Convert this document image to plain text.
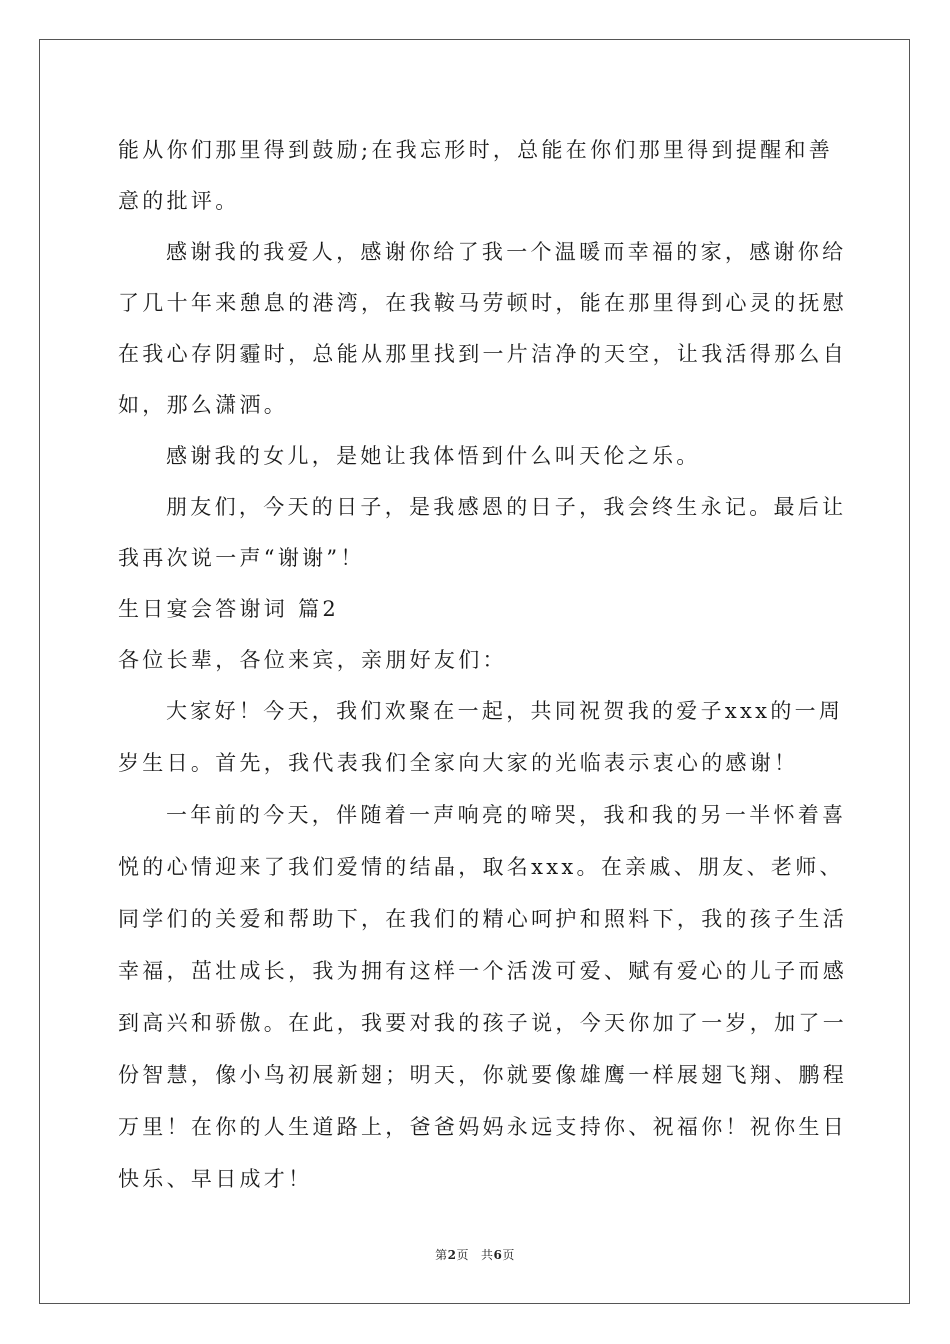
能从你们那里得到鼓励;在我忘形时，总能在你们那里得到提醒和善
意的批评。
感谢我的我爱人，感谢你给了我一个温暖而幸福的家，感谢你给
了几十年来憩息的港湾，在我鞍马劳顿时，能在那里得到心灵的抚慰
在我心存阴霾时，总能从那里找到一片洁净的天空，让我活得那么自
如，那么潇洒。
感谢我的女儿，是她让我体悟到什么叫天伦之乐。
朋友们，今天的日子，是我感恩的日子，我会终生永记。最后让
我再次说一声“谢谢”！
生日宴会答谢词 篇2
各位长辈，各位来宾，亲朋好友们：
大家好！今天，我们欢聚在一起，共同祝贺我的爱子xxx的一周
岁生日。首先，我代表我们全家向大家的光临表示衷心的感谢！
一年前的今天，伴随着一声响亮的啼哭，我和我的另一半怀着喜
悦的心情迎来了我们爱情的结晶，取名xxx。在亲戚、朋友、老师、
同学们的关爱和帮助下，在我们的精心呵护和照料下，我的孩子生活
幸福，茁壮成长，我为拥有这样一个活泼可爱、赋有爱心的儿子而感
到高兴和骄傲。在此，我要对我的孩子说，今天你加了一岁，加了一
份智慧，像小鸟初展新翅；明天，你就要像雄鹰一样展翅飞翔、鹏程
万里！在你的人生道路上，爸爸妈妈永远支持你、祝福你！祝你生日
快乐、早日成才！
第2页 共6页
